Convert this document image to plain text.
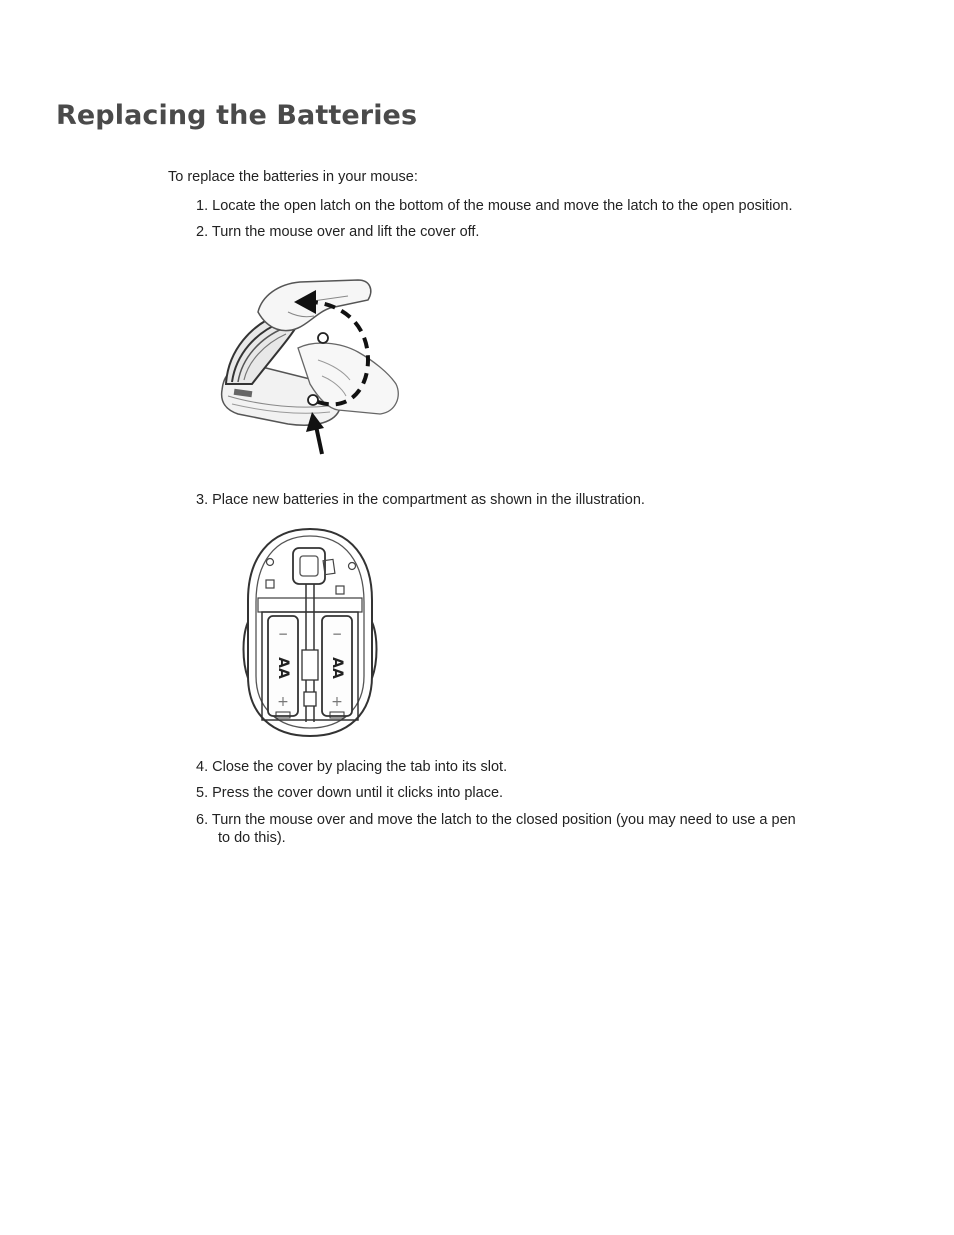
Replacing the Batteries
To replace the batteries in your mouse:
1. Locate the open latch on the bottom of the mouse and move the latch to the open position.
2. Turn the mouse over and lift the cover off.
3. Place new batteries in the compartment as shown in the illustration.
−	−
AA	AA
+	+
4. Close the cover by placing the tab into its slot.
5. Press the cover down until it clicks into place.
6. Turn the mouse over and move the latch to the closed position (you may need to use a pen
to do this).
